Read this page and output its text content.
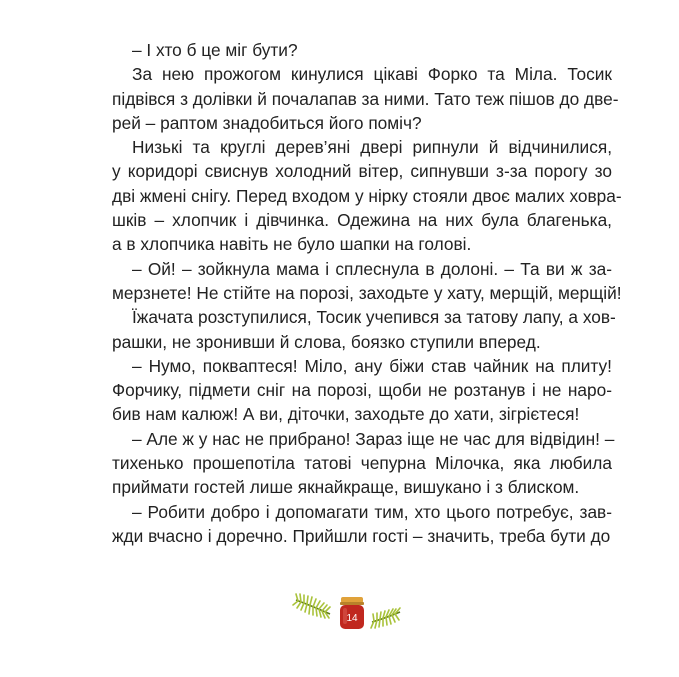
– І хто б це міг бути?

За нею прожогом кинулися цікаві Форко та Міла. Тосик
підвівся з долівки й почалапав за ними. Тато теж пішов до две-
рей – раптом знадобиться його поміч?

Низькі та круглі дерев’яні двері рипнули й відчинилися,
у коридорі свиснув холодний вітер, сипнувши з-за порогу зо
дві жмені снігу. Перед входом у нірку стояли двоє малих ховра-
шків – хлопчик і дівчинка. Одежина на них була благенька,
а в хлопчика навіть не було шапки на голові.

– Ой! – зойкнула мама і сплеснула в долоні. – Та ви ж за-
мерзнете! Не стійте на порозі, заходьте у хату, мерщій, мерщій!

Їжачата розступилися, Тосик учепився за татову лапу, а хов-
рашки, не зронивши й слова, боязко ступили вперед.

– Нумо, поквaптеся! Міло, ану біжи став чайник на плиту!
Форчику, підмети сніг на порозі, щоби не розтанув і не наро-
бив нам калюж! А ви, діточки, заходьте до хати, зігрієтеся!

– Але ж у нас не прибрано! Зараз іще не час для відвідин! –
тихенько прошепотіла татові чепурна Мілочка, яка любила
приймати гостей лише якнайкраще, вишукано і з блиском.

– Робити добро і допомагати тим, хто цього потребує, зав-
жди вчасно і доречно. Прийшли гості – значить, треба бути до

14
